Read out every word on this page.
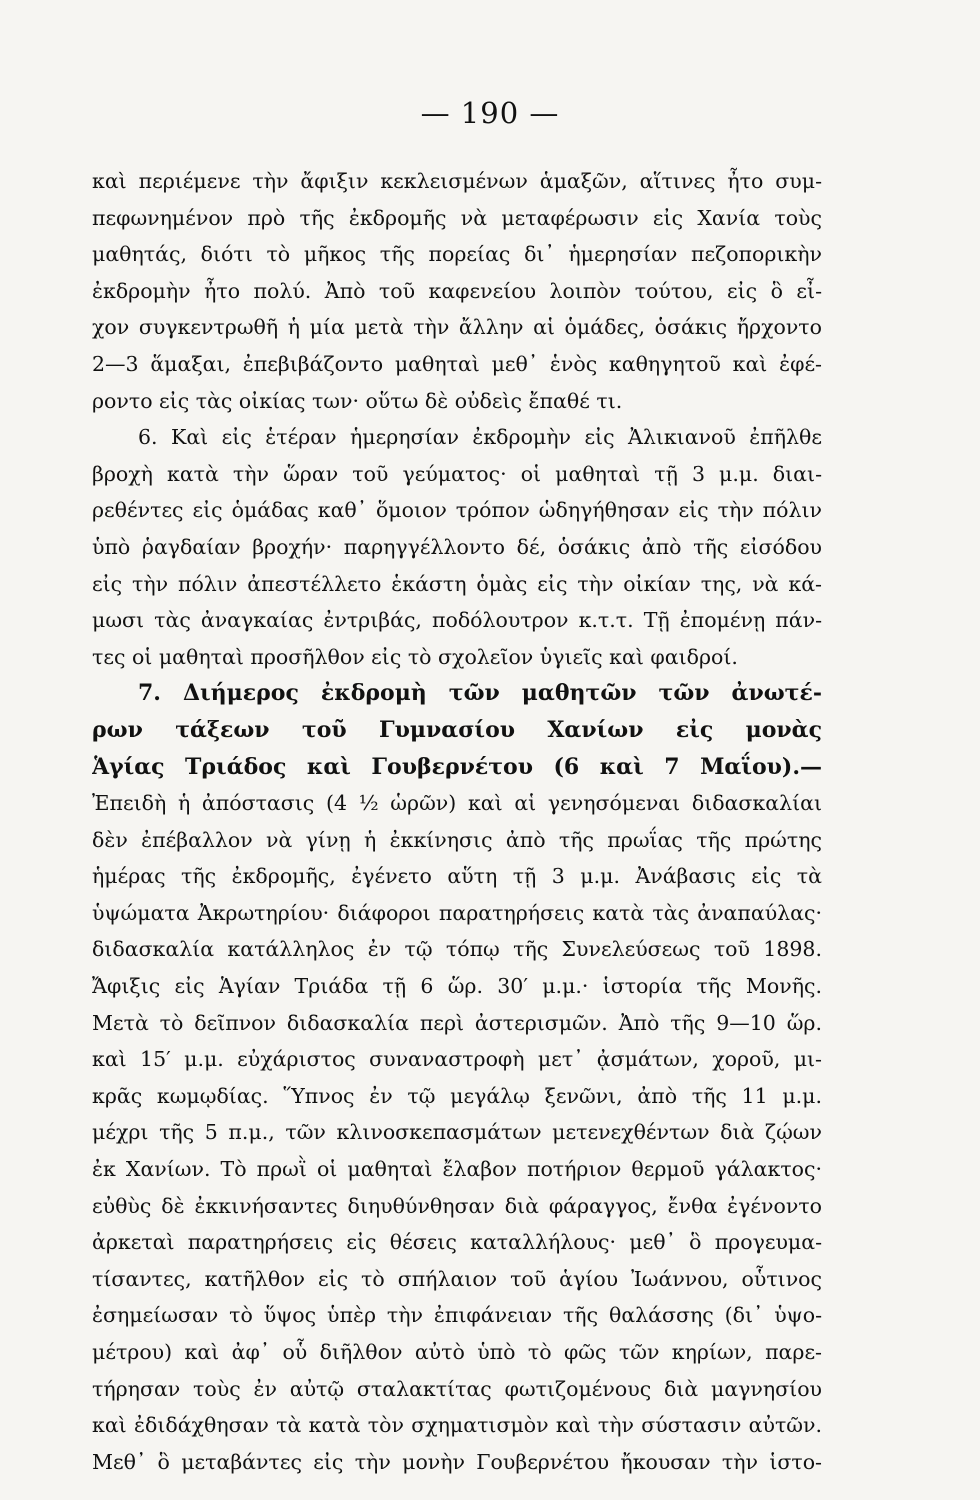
— 190 —
καὶ περιέμενε τὴν ἄφιξιν κεκλεισμένων ἁμαξῶν, αἵτινες ἦτο συμ-
πεφωνημένον πρὸ τῆς ἐκδρομῆς νὰ μεταφέρωσιν εἰς Χανία τοὺς
μαθητάς, διότι τὸ μῆκος τῆς πορείας δι᾽ ἡμερησίαν πεζοπορικὴν
ἐκδρομὴν ἦτο πολύ. Ἀπὸ τοῦ καφενείου λοιπὸν τούτου, εἰς ὃ εἶ-
χον συγκεντρωθῆ ἡ μία μετὰ τὴν ἄλλην αἱ ὁμάδες, ὁσάκις ἤρχοντο
2—3 ἅμαξαι, ἐπεβιβάζοντο μαθηταὶ μεθ᾽ ἑνὸς καθηγητοῦ καὶ ἐφέ-
ροντο εἰς τὰς οἰκίας των· οὕτω δὲ οὐδεὶς ἔπαθέ τι.
6. Καὶ εἰς ἑτέραν ἡμερησίαν ἐκδρομὴν εἰς Ἀλικιανοῦ ἐπῆλθε
βροχὴ κατὰ τὴν ὥραν τοῦ γεύματος· οἱ μαθηταὶ τῇ 3 μ.μ. διαι-
ρεθέντες εἰς ὁμάδας καθ᾽ ὅμοιον τρόπον ὡδηγήθησαν εἰς τὴν πόλιν
ὑπὸ ῥαγδαίαν βροχήν· παρηγγέλλοντο δέ, ὁσάκις ἀπὸ τῆς εἰσόδου
εἰς τὴν πόλιν ἀπεστέλλετο ἑκάστη ὁμὰς εἰς τὴν οἰκίαν της, νὰ κά-
μωσι τὰς ἀναγκαίας ἐντριβάς, ποδόλουτρον κ.τ.τ. Τῇ ἐπομένῃ πάν-
τες οἱ μαθηταὶ προσῆλθον εἰς τὸ σχολεῖον ὑγιεῖς καὶ φαιδροί.
7. Διήμερος ἐκδρομὴ τῶν μαθητῶν τῶν ἀνωτέ-
ρων τάξεων τοῦ Γυμνασίου Χανίων εἰς μονὰς
Ἁγίας Τριάδος καὶ Γουβερνέτου (6 καὶ 7 Μαΐου).—
Ἐπειδὴ ἡ ἀπόστασις (4 ½ ὡρῶν) καὶ αἱ γενησόμεναι διδασκαλίαι
δὲν ἐπέβαλλον νὰ γίνῃ ἡ ἐκκίνησις ἀπὸ τῆς πρωΐας τῆς πρώτης
ἡμέρας τῆς ἐκδρομῆς, ἐγένετο αὕτη τῇ 3 μ.μ. Ἀνάβασις εἰς τὰ
ὑψώματα Ἀκρωτηρίου· διάφοροι παρατηρήσεις κατὰ τὰς ἀναπαύλας·
διδασκαλία κατάλληλος ἐν τῷ τόπῳ τῆς Συνελεύσεως τοῦ 1898.
Ἄφιξις εἰς Ἁγίαν Τριάδα τῇ 6 ὥρ. 30′ μ.μ.· ἱστορία τῆς Μονῆς.
Μετὰ τὸ δεῖπνον διδασκαλία περὶ ἀστερισμῶν. Ἀπὸ τῆς 9—10 ὥρ.
καὶ 15′ μ.μ. εὐχάριστος συναναστροφὴ μετ᾽ ᾀσμάτων, χοροῦ, μι-
κρᾶς κωμῳδίας. Ὕπνος ἐν τῷ μεγάλῳ ξενῶνι, ἀπὸ τῆς 11 μ.μ.
μέχρι τῆς 5 π.μ., τῶν κλινοσκεπασμάτων μετενεχθέντων διὰ ζῴων
ἐκ Χανίων. Τὸ πρωῒ οἱ μαθηταὶ ἔλαβον ποτήριον θερμοῦ γάλακτος·
εὐθὺς δὲ ἐκκινήσαντες διηυθύνθησαν διὰ φάραγγος, ἔνθα ἐγένοντο
ἀρκεταὶ παρατηρήσεις εἰς θέσεις καταλλήλους· μεθ᾽ ὃ προγευμα-
τίσαντες, κατῆλθον εἰς τὸ σπήλαιον τοῦ ἁγίου Ἰωάννου, οὗτινος
ἐσημείωσαν τὸ ὕψος ὑπὲρ τὴν ἐπιφάνειαν τῆς θαλάσσης (δι᾽ ὑψο-
μέτρου) καὶ ἀφ᾽ οὗ διῆλθον αὐτὸ ὑπὸ τὸ φῶς τῶν κηρίων, παρε-
τήρησαν τοὺς ἐν αὐτῷ σταλακτίτας φωτιζομένους διὰ μαγνησίου
καὶ ἐδιδάχθησαν τὰ κατὰ τὸν σχηματισμὸν καὶ τὴν σύστασιν αὐτῶν.
Μεθ᾽ ὃ μεταβάντες εἰς τὴν μονὴν Γουβερνέτου ἤκουσαν τὴν ἱστο-
